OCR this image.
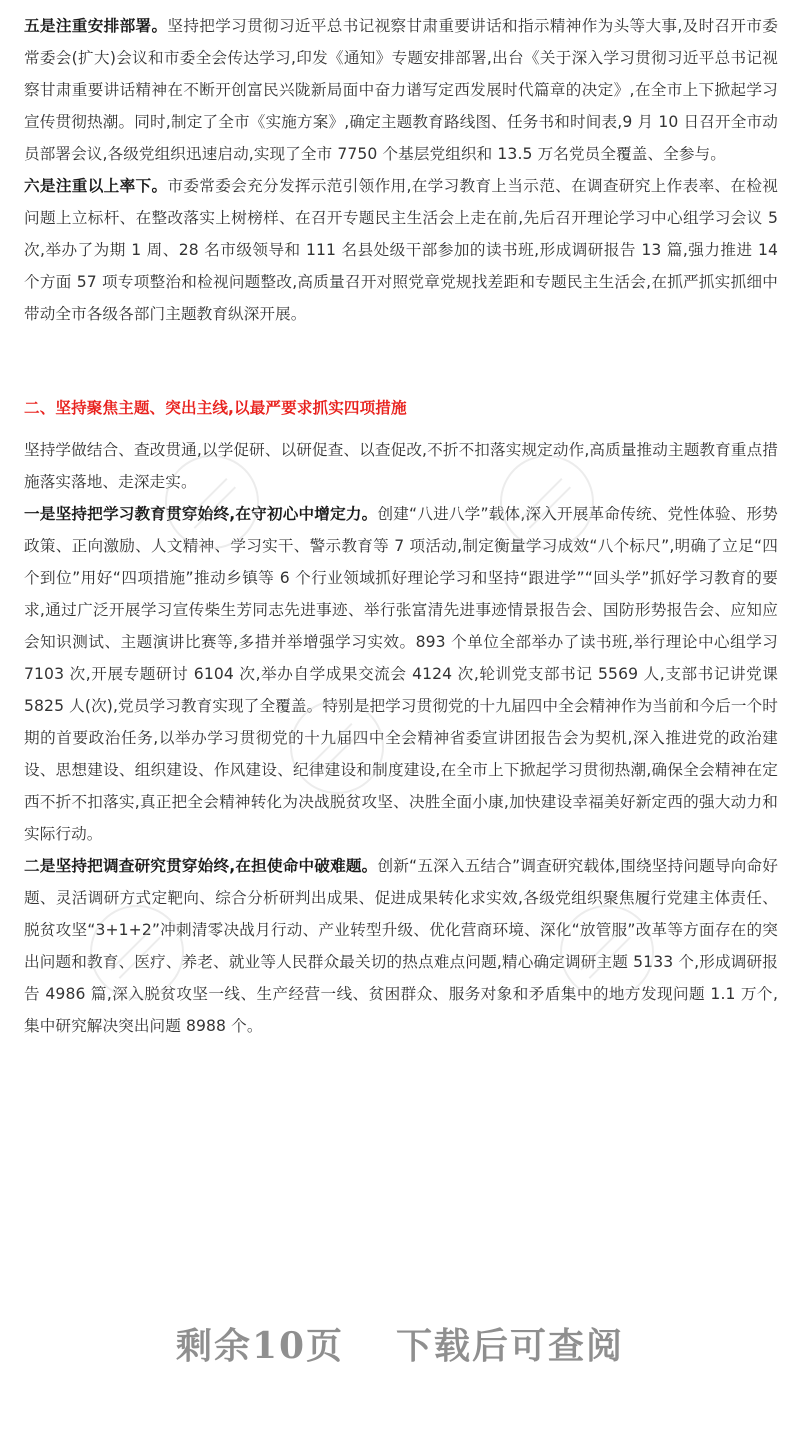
五是注重安排部署。坚持把学习贯彻习近平总书记视察甘肃重要讲话和指示精神作为头等大事,及时召开市委常委会(扩大)会议和市委全会传达学习,印发《通知》专题安排部署,出台《关于深入学习贯彻习近平总书记视察甘肃重要讲话精神在不断开创富民兴陇新局面中奋力谱写定西发展时代篇章的决定》,在全市上下掀起学习宣传贯彻热潮。同时,制定了全市《实施方案》,确定主题教育路线图、任务书和时间表,9 月 10 日召开全市动员部署会议,各级党组织迅速启动,实现了全市 7750 个基层党组织和 13.5 万名党员全覆盖、全参与。

六是注重以上率下。市委常委会充分发挥示范引领作用,在学习教育上当示范、在调查研究上作表率、在检视问题上立标杆、在整改落实上树榜样、在召开专题民主生活会上走在前,先后召开理论学习中心组学习会议 5 次,举办了为期 1 周、28 名市级领导和 111 名县处级干部参加的读书班,形成调研报告 13 篇,强力推进 14 个方面 57 项专项整治和检视问题整改,高质量召开对照党章党规找差距和专题民主生活会,在抓严抓实抓细中带动全市各级各部门主题教育纵深开展。

二、坚持聚焦主题、突出主线,以最严要求抓实四项措施

坚持学做结合、查改贯通,以学促研、以研促查、以查促改,不折不扣落实规定动作,高质量推动主题教育重点措施落实落地、走深走实。

一是坚持把学习教育贯穿始终,在守初心中增定力。创建“八进八学”载体,深入开展革命传统、党性体验、形势政策、正向激励、人文精神、学习实干、警示教育等 7 项活动,制定衡量学习成效“八个标尺”,明确了立足“四个到位”用好“四项措施”推动乡镇等 6 个行业领域抓好理论学习和坚持“跟进学”“回头学”抓好学习教育的要求,通过广泛开展学习宣传柴生芳同志先进事迹、举行张富清先进事迹情景报告会、国防形势报告会、应知应会知识测试、主题演讲比赛等,多措并举增强学习实效。893 个单位全部举办了读书班,举行理论中心组学习 7103 次,开展专题研讨 6104 次,举办自学成果交流会 4124 次,轮训党支部书记 5569 人,支部书记讲党课 5825 人(次),党员学习教育实现了全覆盖。特别是把学习贯彻党的十九届四中全会精神作为当前和今后一个时期的首要政治任务,以举办学习贯彻党的十九届四中全会精神省委宣讲团报告会为契机,深入推进党的政治建设、思想建设、组织建设、作风建设、纪律建设和制度建设,在全市上下掀起学习贯彻热潮,确保全会精神在定西不折不扣落实,真正把全会精神转化为决战脱贫攻坚、决胜全面小康,加快建设幸福美好新定西的强大动力和实际行动。

二是坚持把调查研究贯穿始终,在担使命中破难题。创新“五深入五结合”调查研究载体,围绕坚持问题导向命好题、灵活调研方式定靶向、综合分析研判出成果、促进成果转化求实效,各级党组织聚焦履行党建主体责任、脱贫攻坚“3+1+2”冲刺清零决战月行动、产业转型升级、优化营商环境、深化“放管服”改革等方面存在的突出问题和教育、医疗、养老、就业等人民群众最关切的热点难点问题,精心确定调研主题 5133 个,形成调研报告 4986 篇,深入脱贫攻坚一线、生产经营一线、贫困群众、服务对象和矛盾集中的地方发现问题 1.1 万个,集中研究解决突出问题 8988 个。

剩余10页 下载后可查阅
